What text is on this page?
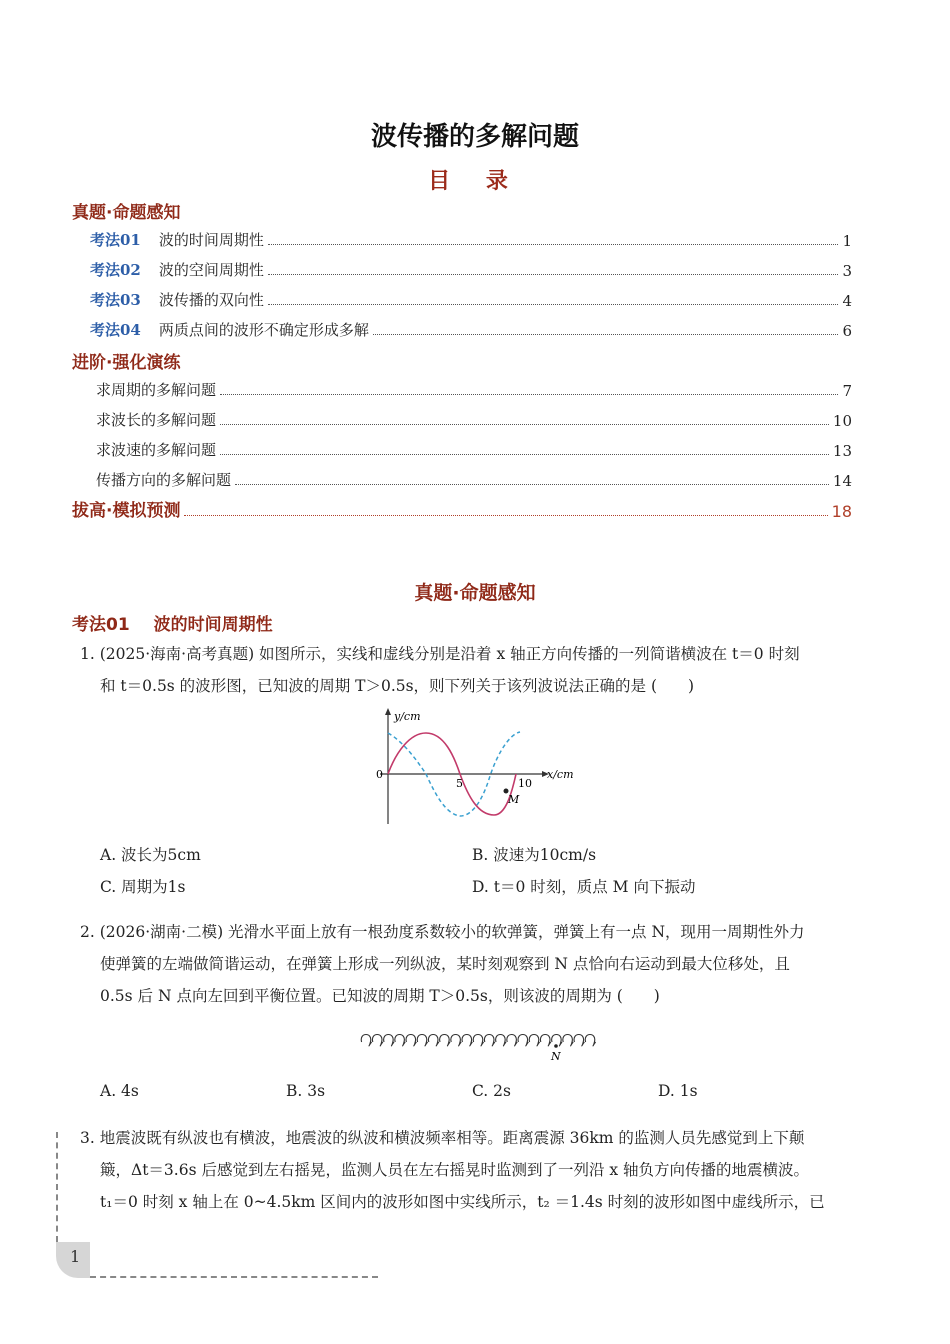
波传播的多解问题
目 录
真题·命题感知
考法01 波的时间周期性	1
考法02 波的空间周期性	3
考法03 波传播的双向性	4
考法04 两质点间的波形不确定形成多解	6
进阶·强化演练
求周期的多解问题	7
求波长的多解问题	10
求波速的多解问题	13
传播方向的多解问题	14
拔高·模拟预测	18
真题·命题感知
考法01 波的时间周期性
1. (2025·海南·高考真题) 如图所示，实线和虚线分别是沿着 x 轴正方向传播的一列简谐横波在 t＝0 时刻
和 t＝0.5s 的波形图，已知波的周期 T＞0.5s，则下列关于该列波说法正确的是 (　　)
y/cm
x/cm
0
5	10
M
A. 波长为5cm	B. 波速为10cm/s
C. 周期为1s	D. t＝0 时刻，质点 M 向下振动
2. (2026·湖南·二模) 光滑水平面上放有一根劲度系数较小的软弹簧，弹簧上有一点 N，现用一周期性外力
使弹簧的左端做简谐运动，在弹簧上形成一列纵波，某时刻观察到 N 点恰向右运动到最大位移处，且
0.5s 后 N 点向左回到平衡位置。已知波的周期 T＞0.5s，则该波的周期为 (　　)
N
A. 4s	B. 3s	C. 2s	D. 1s
3. 地震波既有纵波也有横波，地震波的纵波和横波频率相等。距离震源 36km 的监测人员先感觉到上下颠
簸，Δt＝3.6s 后感觉到左右摇晃，监测人员在左右摇晃时监测到了一列沿 x 轴负方向传播的地震横波。
t₁＝0 时刻 x 轴上在 0~4.5km 区间内的波形如图中实线所示，t₂ ＝1.4s 时刻的波形如图中虚线所示，已
1
